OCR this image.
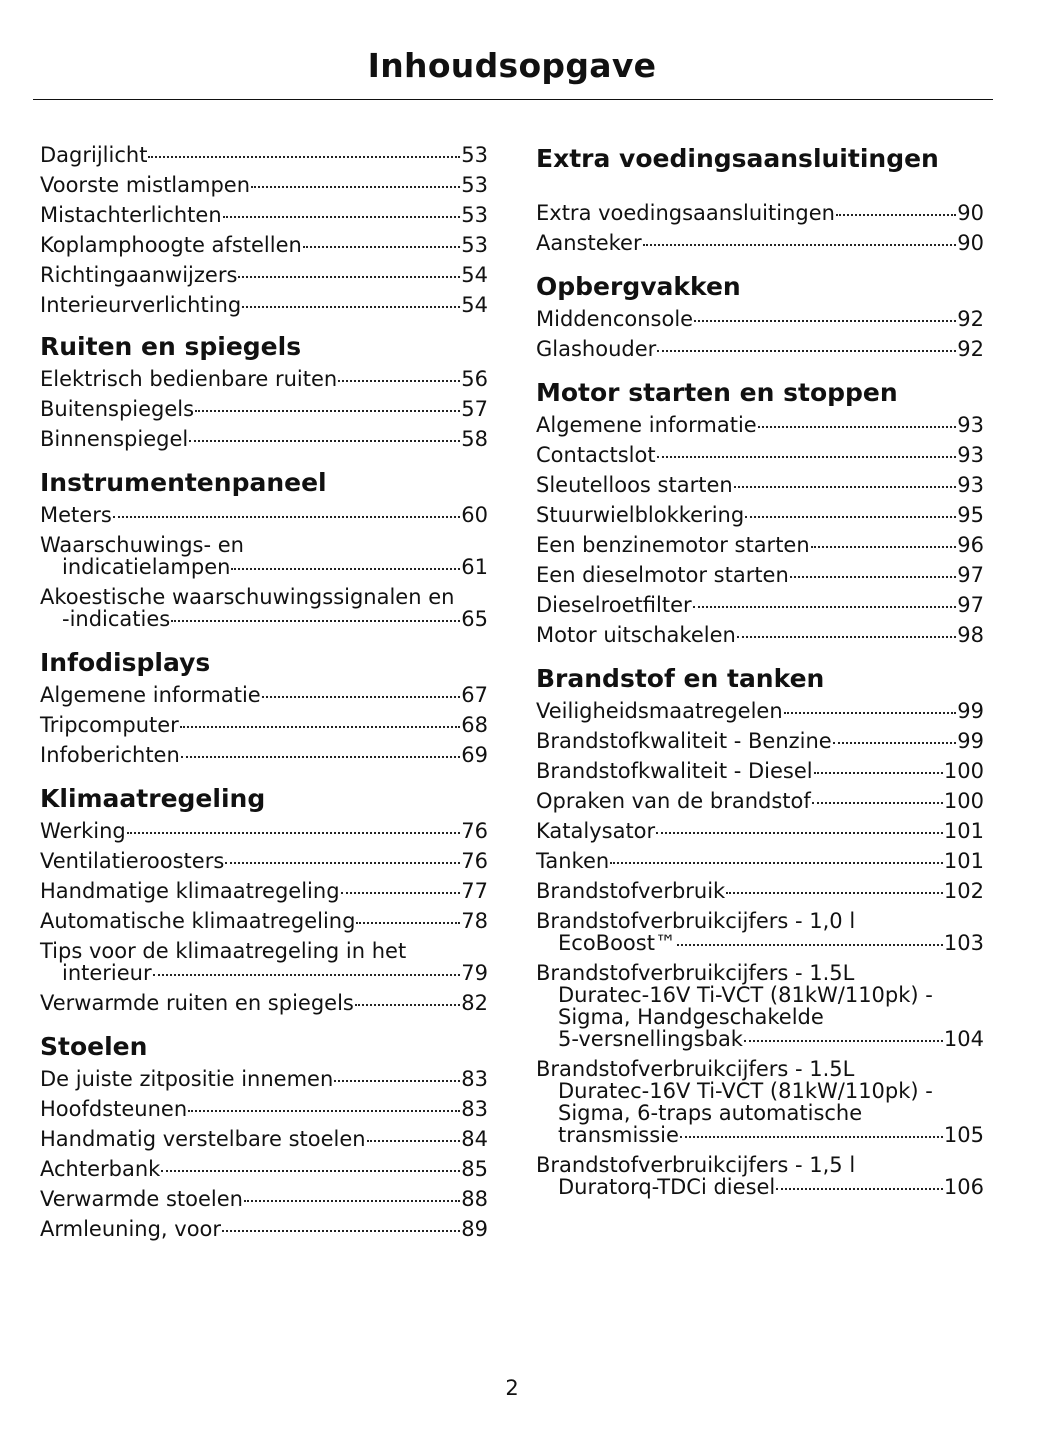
Inhoudsopgave
Dagrijlicht	53
Voorste mistlampen	53
Mistachterlichten	53
Koplamphoogte afstellen	53
Richtingaanwijzers	54
Interieurverlichting	54
Ruiten en spiegels
Elektrisch bedienbare ruiten	56
Buitenspiegels	57
Binnenspiegel	58
Instrumentenpaneel
Meters	60
Waarschuwings- en
indicatielampen	61
Akoestische waarschuwingssignalen en
-indicaties	65
Infodisplays
Algemene informatie	67
Tripcomputer	68
Infoberichten	69
Klimaatregeling
Werking	76
Ventilatieroosters	76
Handmatige klimaatregeling	77
Automatische klimaatregeling	78
Tips voor de klimaatregeling in het
interieur	79
Verwarmde ruiten en spiegels	82
Stoelen
De juiste zitpositie innemen	83
Hoofdsteunen	83
Handmatig verstelbare stoelen	84
Achterbank	85
Verwarmde stoelen	88
Armleuning, voor	89
Extra voedingsaansluitingen
Extra voedingsaansluitingen	90
Aansteker	90
Opbergvakken
Middenconsole	92
Glashouder	92
Motor starten en stoppen
Algemene informatie	93
Contactslot	93
Sleutelloos starten	93
Stuurwielblokkering	95
Een benzinemotor starten	96
Een dieselmotor starten	97
Dieselroetfilter	97
Motor uitschakelen	98
Brandstof en tanken
Veiligheidsmaatregelen	99
Brandstofkwaliteit - Benzine	99
Brandstofkwaliteit - Diesel	100
Opraken van de brandstof	100
Katalysator	101
Tanken	101
Brandstofverbruik	102
Brandstofverbruikcijfers - 1,0 l
EcoBoost™	103
Brandstofverbruikcijfers - 1.5L
Duratec-16V Ti-VCT (81kW/110pk) -
Sigma, Handgeschakelde
5-versnellingsbak	104
Brandstofverbruikcijfers - 1.5L
Duratec-16V Ti-VCT (81kW/110pk) -
Sigma, 6-traps automatische
transmissie	105
Brandstofverbruikcijfers - 1,5 l
Duratorq-TDCi diesel	106
2
